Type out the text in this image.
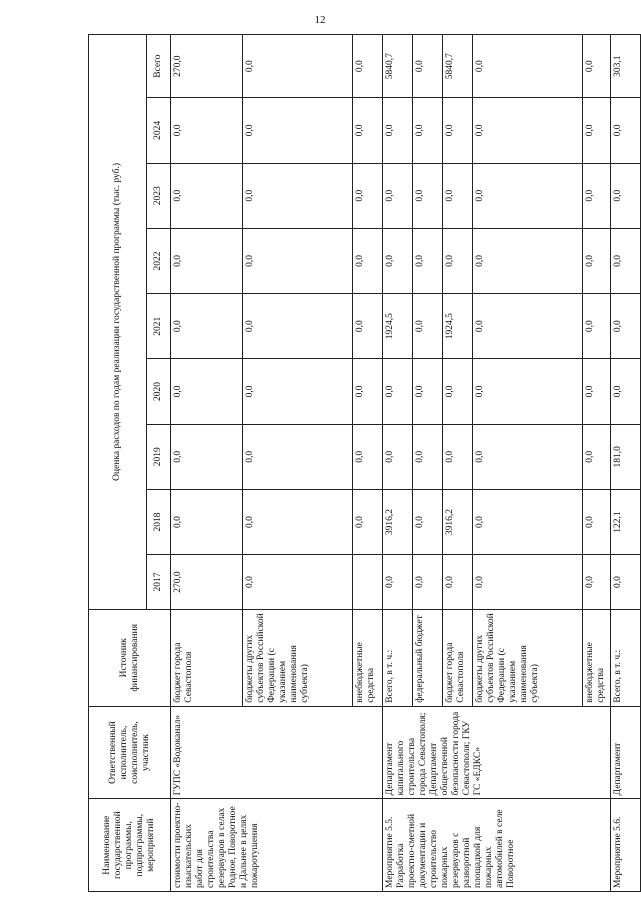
12
Наименование государственной программы, подпрограммы, мероприятий	Ответственный исполнитель, соисполнитель, участник	Источник финансирования	Оценка расходов по годам реализации государственной программы (тыс. руб.)								
			2017	2018	2019	2020	2021	2022	2023	2024	Всего
стоимости проектно-изыскательских работ для строительства резервуаров в селах Родное, Поворотное и Дальнее в целях пожаротушения	ГУПС «Водоканал»	бюджет города Севастополя	270,0	0,0	0,0	0,0	0,0	0,0	0,0	0,0	270,0
		бюджеты других субъектов Российской Федерации (с указанием наименования субъекта)	0,0	0,0	0,0	0,0	0,0	0,0	0,0	0,0	0,0
		внебюджетные средства		0,0	0,0	0,0	0,0	0,0	0,0	0,0	0,0
Мероприятие 5.5. Разработка проектно-сметной документации и строительство пожарных резервуаров с разворотной площадкой для пожарных автомобилей в селе Поворотное	Департамент капитального строительства города Севастополя; Департамент общественной безопасности города Севастополя; ГКУ ГС «ЕДКС»	Всего, в т. ч.:	0,0	3916,2	0,0	0,0	1924,5	0,0	0,0	0,0	5840,7
		федеральный бюджет	0,0	0,0	0,0	0,0	0,0	0,0	0,0	0,0	0,0
		бюджет города Севастополя	0,0	3916,2	0,0	0,0	1924,5	0,0	0,0	0,0	5840,7
		бюджеты других субъектов Российской Федерации (с указанием наименования субъекта)	0,0	0,0	0,0	0,0	0,0	0,0	0,0	0,0	0,0
		внебюджетные средства	0,0	0,0	0,0	0,0	0,0	0,0	0,0	0,0	0,0
Мероприятие 5.6.	Департамент	Всего, в т. ч.:	0,0	122,1	181,0	0,0	0,0	0,0	0,0	0,0	303,1
